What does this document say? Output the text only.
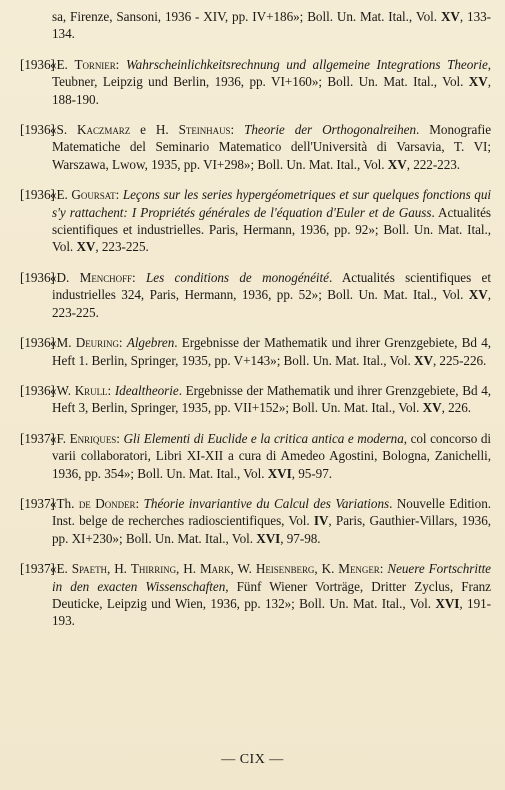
sa, Firenze, Sansoni, 1936 - XIV, pp. IV+186»; Boll. Un. Mat. Ital., Vol. XV, 133-134.
[1936]
«E. Tornier: Wahrscheinlichkeitsrechnung und allgemeine Integrations Theorie, Teubner, Leipzig und Berlin, 1936, pp. VI+160»; Boll. Un. Mat. Ital., Vol. XV, 188-190.
[1936]
«S. Kaczmarz e H. Steinhaus: Theorie der Orthogonalreihen. Monografie Matematiche del Seminario Matematico dell'Università di Varsavia, T. VI; Warszawa, Lwow, 1935, pp. VI+298»; Boll. Un. Mat. Ital., Vol. XV, 222-223.
[1936]
«E. Goursat: Leçons sur les series hypergéometriques et sur quelques fonctions qui s'y rattachent: I Propriétés générales de l'équation d'Euler et de Gauss. Actualités scientifiques et industrielles. Paris, Hermann, 1936, pp. 92»; Boll. Un. Mat. Ital., Vol. XV, 223-225.
[1936]
«D. Menchoff: Les conditions de monogénéité. Actualités scientifiques et industrielles 324, Paris, Hermann, 1936, pp. 52»; Boll. Un. Mat. Ital., Vol. XV, 223-225.
[1936]
«M. Deuring: Algebren. Ergebnisse der Mathematik und ihrer Grenzgebiete, Bd 4, Heft 1. Berlin, Springer, 1935, pp. V+143»; Boll. Un. Mat. Ital., Vol. XV, 225-226.
[1936]
«W. Krull: Idealtheorie. Ergebnisse der Mathematik und ihrer Grenzgebiete, Bd 4, Heft 3, Berlin, Springer, 1935, pp. VII+152»; Boll. Un. Mat. Ital., Vol. XV, 226.
[1937]
«F. Enriques: Gli Elementi di Euclide e la critica antica e moderna, col concorso di varii collaboratori, Libri XI-XII a cura di Amedeo Agostini, Bologna, Zanichelli, 1936, pp. 354»; Boll. Un. Mat. Ital., Vol. XVI, 95-97.
[1937]
«Th. de Donder: Théorie invariantive du Calcul des Variations. Nouvelle Edition. Inst. belge de recherches radioscientifiques, Vol. IV, Paris, Gauthier-Villars, 1936, pp. XI+230»; Boll. Un. Mat. Ital., Vol. XVI, 97-98.
[1937]
«E. Spaeth, H. Thirring, H. Mark, W. Heisenberg, K. Menger: Neuere Fortschritte in den exacten Wissenschaften, Fünf Wiener Vorträge, Dritter Zyclus, Franz Deuticke, Leipzig und Wien, 1936, pp. 132»; Boll. Un. Mat. Ital., Vol. XVI, 191-193.
— CIX —
